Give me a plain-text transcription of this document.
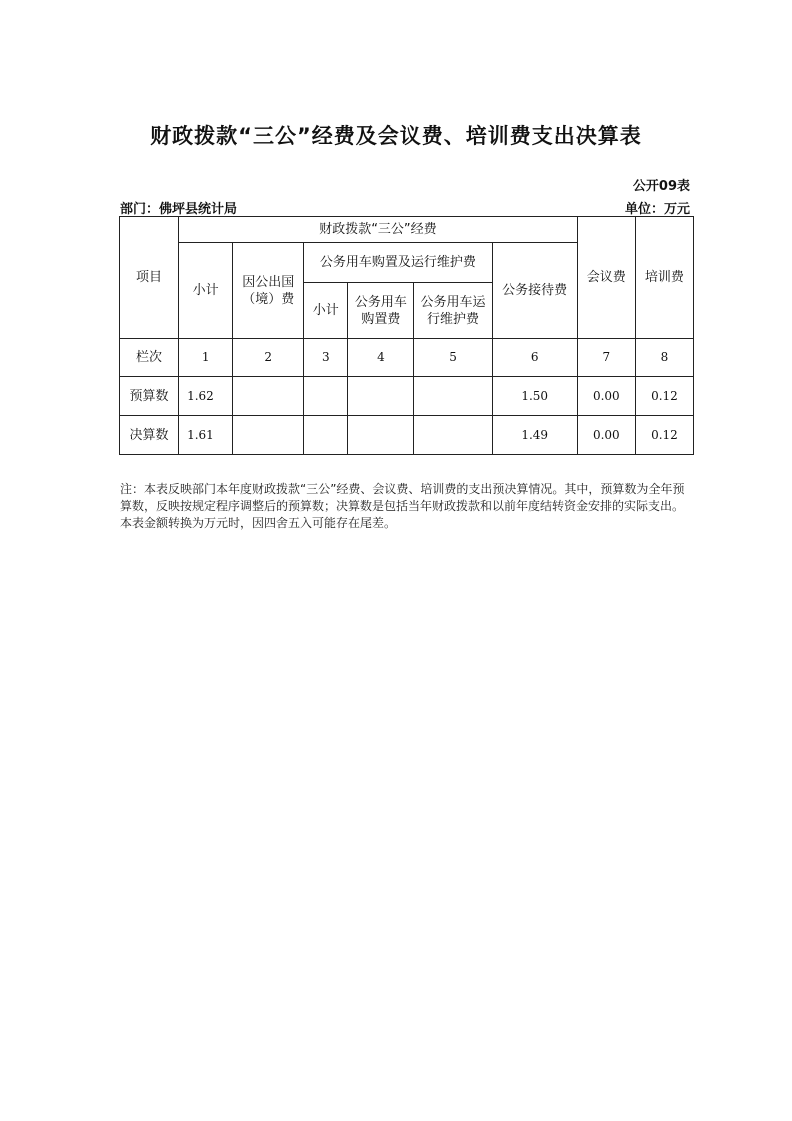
财政拨款“三公”经费及会议费、培训费支出决算表
公开09表
部门：佛坪县统计局	单位：万元
项目	财政拨款“三公”经费						会议费	培训费
	小计	因公出国（境）费	公务用车购置及运行维护费			公务接待费		
			小计	公务用车购置费	公务用车运行维护费			
栏次	1	2	3	4	5	6	7	8
预算数	1.62					1.50	0.00	0.12
决算数	1.61					1.49	0.00	0.12
注：本表反映部门本年度财政拨款“三公”经费、会议费、培训费的支出预决算情况。其中，预算数为全年预算数，反映按规定程序调整后的预算数；决算数是包括当年财政拨款和以前年度结转资金安排的实际支出。本表金额转换为万元时，因四舍五入可能存在尾差。
